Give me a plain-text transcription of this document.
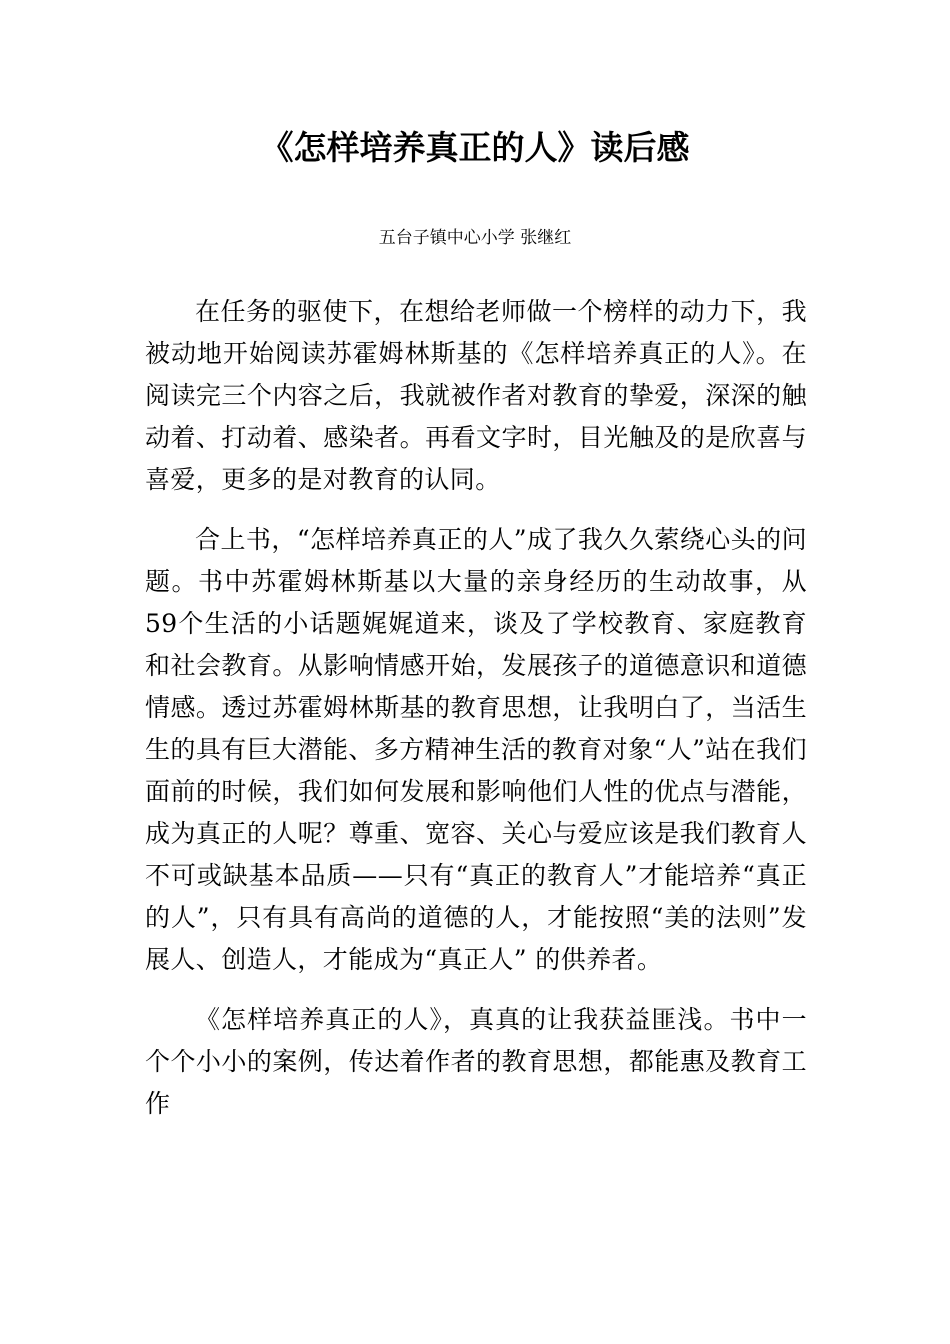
《怎样培养真正的人》读后感

五台子镇中心小学 张继红

在任务的驱使下，在想给老师做一个榜样的动力下，我被动地开始阅读苏霍姆林斯基的《怎样培养真正的人》。在阅读完三个内容之后，我就被作者对教育的挚爱，深深的触动着、打动着、感染者。再看文字时，目光触及的是欣喜与喜爱，更多的是对教育的认同。

合上书，“怎样培养真正的人”成了我久久萦绕心头的问题。书中苏霍姆林斯基以大量的亲身经历的生动故事，从59个生活的小话题娓娓道来，谈及了学校教育、家庭教育和社会教育。从影响情感开始，发展孩子的道德意识和道德情感。透过苏霍姆林斯基的教育思想，让我明白了，当活生生的具有巨大潜能、多方精神生活的教育对象“人”站在我们面前的时候，我们如何发展和影响他们人性的优点与潜能，成为真正的人呢？尊重、宽容、关心与爱应该是我们教育人不可或缺基本品质——只有“真正的教育人”才能培养“真正的人”，只有具有高尚的道德的人，才能按照“美的法则”发展人、创造人，才能成为“真正人” 的供养者。

《怎样培养真正的人》，真真的让我获益匪浅。书中一个个小小的案例，传达着作者的教育思想，都能惠及教育工作
